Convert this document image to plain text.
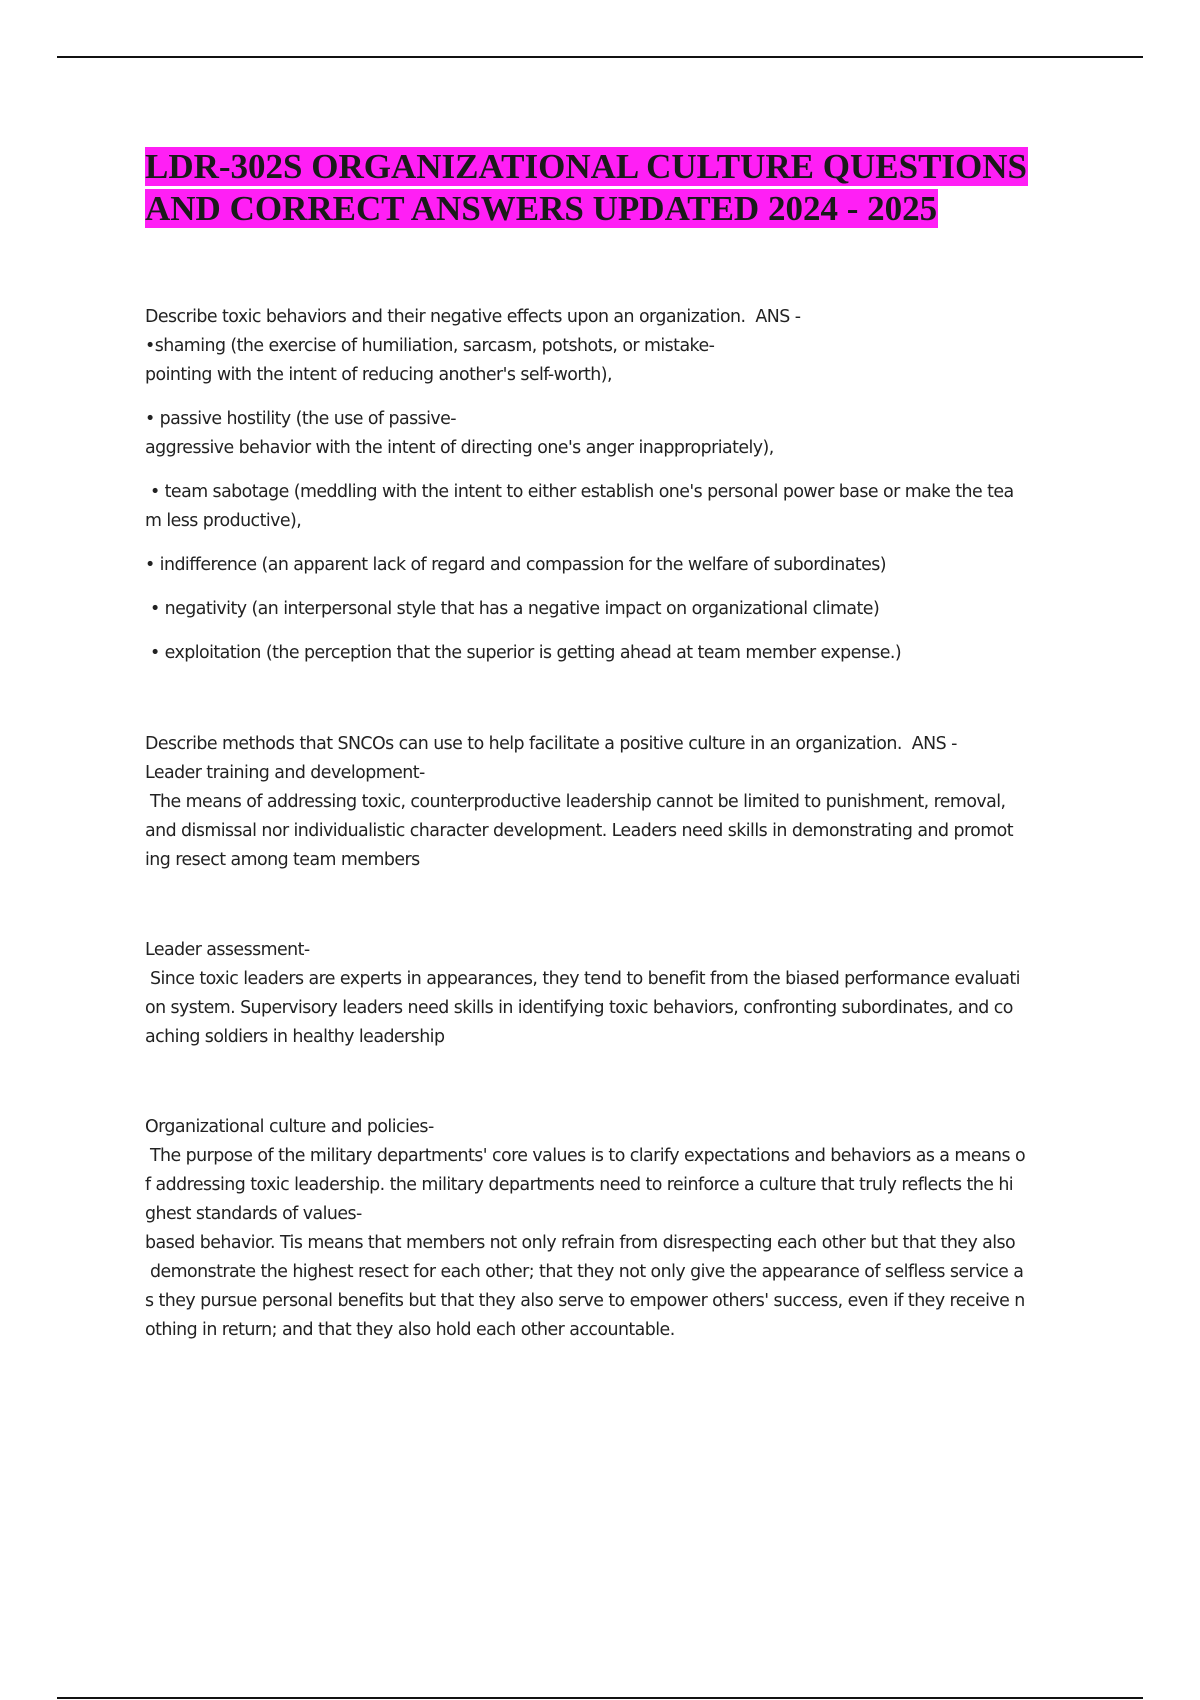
LDR-302S ORGANIZATIONAL CULTURE QUESTIONS
AND CORRECT ANSWERS UPDATED 2024 - 2025
Describe toxic behaviors and their negative effects upon an organization.  ANS -
•shaming (the exercise of humiliation, sarcasm, potshots, or mistake-
pointing with the intent of reducing another's self-worth),
• passive hostility (the use of passive-
aggressive behavior with the intent of directing one's anger inappropriately),
• team sabotage (meddling with the intent to either establish one's personal power base or make the tea
m less productive),
• indifference (an apparent lack of regard and compassion for the welfare of subordinates)
• negativity (an interpersonal style that has a negative impact on organizational climate)
• exploitation (the perception that the superior is getting ahead at team member expense.)
Describe methods that SNCOs can use to help facilitate a positive culture in an organization.  ANS -
Leader training and development-
The means of addressing toxic, counterproductive leadership cannot be limited to punishment, removal,
and dismissal nor individualistic character development. Leaders need skills in demonstrating and promot
ing resect among team members
Leader assessment-
Since toxic leaders are experts in appearances, they tend to benefit from the biased performance evaluati
on system. Supervisory leaders need skills in identifying toxic behaviors, confronting subordinates, and co
aching soldiers in healthy leadership
Organizational culture and policies-
The purpose of the military departments' core values is to clarify expectations and behaviors as a means o
f addressing toxic leadership. the military departments need to reinforce a culture that truly reflects the hi
ghest standards of values-
based behavior. Tis means that members not only refrain from disrespecting each other but that they also
demonstrate the highest resect for each other; that they not only give the appearance of selfless service a
s they pursue personal benefits but that they also serve to empower others' success, even if they receive n
othing in return; and that they also hold each other accountable.
